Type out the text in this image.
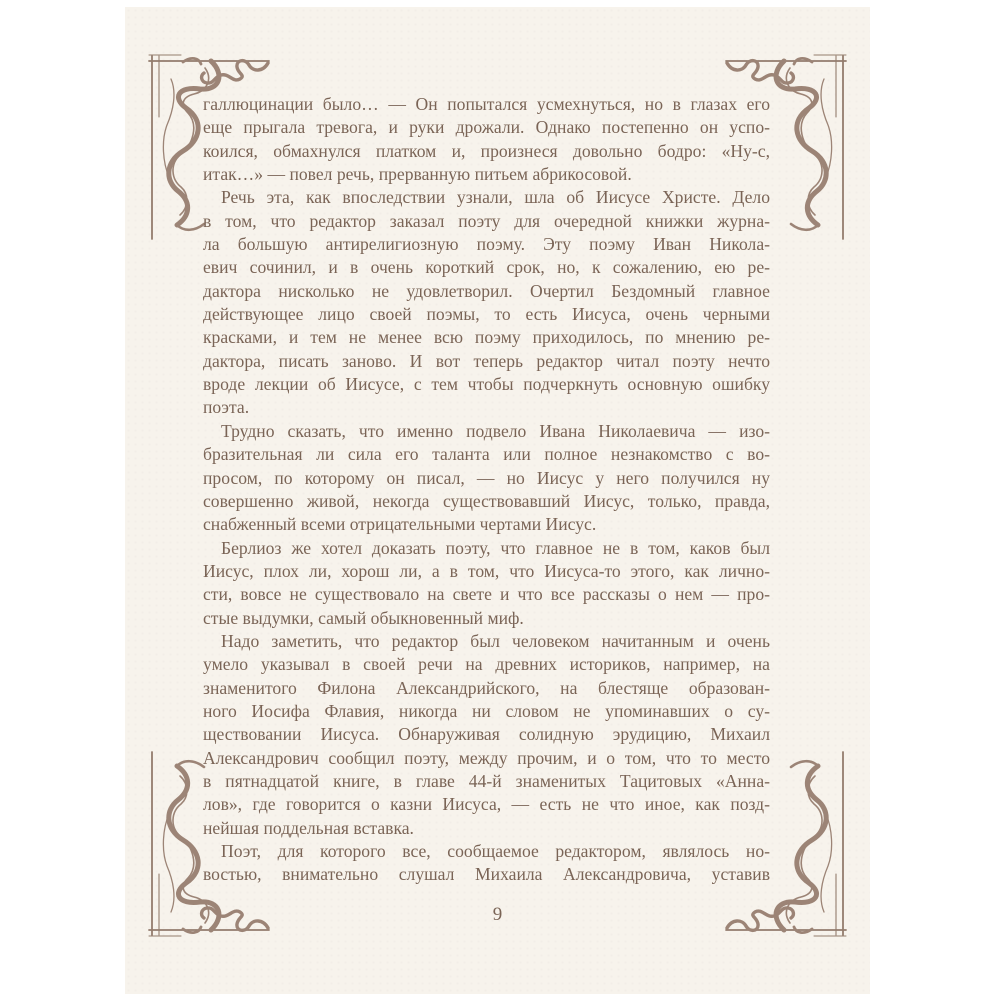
галлюцинации было… — Он попытался усмехнуться, но в глазах его
еще прыгала тревога, и руки дрожали. Однако постепенно он успо-
коился, обмахнулся платком и, произнеся довольно бодро: «Ну-с,
итак…» — повел речь, прерванную питьем абрикосовой.
Речь эта, как впоследствии узнали, шла об Иисусе Христе. Дело
в том, что редактор заказал поэту для очередной книжки журна-
ла большую антирелигиозную поэму. Эту поэму Иван Никола-
евич сочинил, и в очень короткий срок, но, к сожалению, ею ре-
дактора нисколько не удовлетворил. Очертил Бездомный главное
действующее лицо своей поэмы, то есть Иисуса, очень черными
красками, и тем не менее всю поэму приходилось, по мнению ре-
дактора, писать заново. И вот теперь редактор читал поэту нечто
вроде лекции об Иисусе, с тем чтобы подчеркнуть основную ошибку
поэта.
Трудно сказать, что именно подвело Ивана Николаевича — изо-
бразительная ли сила его таланта или полное незнакомство с во-
просом, по которому он писал, — но Иисус у него получился ну
совершенно живой, некогда существовавший Иисус, только, правда,
снабженный всеми отрицательными чертами Иисус.
Берлиоз же хотел доказать поэту, что главное не в том, каков был
Иисус, плох ли, хорош ли, а в том, что Иисуса-то этого, как лично-
сти, вовсе не существовало на свете и что все рассказы о нем — про-
стые выдумки, самый обыкновенный миф.
Надо заметить, что редактор был человеком начитанным и очень
умело указывал в своей речи на древних историков, например, на
знаменитого Филона Александрийского, на блестяще образован-
ного Иосифа Флавия, никогда ни словом не упоминавших о су-
ществовании Иисуса. Обнаруживая солидную эрудицию, Михаил
Александрович сообщил поэту, между прочим, и о том, что то место
в пятнадцатой книге, в главе 44-й знаменитых Тацитовых «Анна-
лов», где говорится о казни Иисуса, — есть не что иное, как позд-
нейшая поддельная вставка.
Поэт, для которого все, сообщаемое редактором, являлось но-
востью, внимательно слушал Михаила Александровича, уставив
9
